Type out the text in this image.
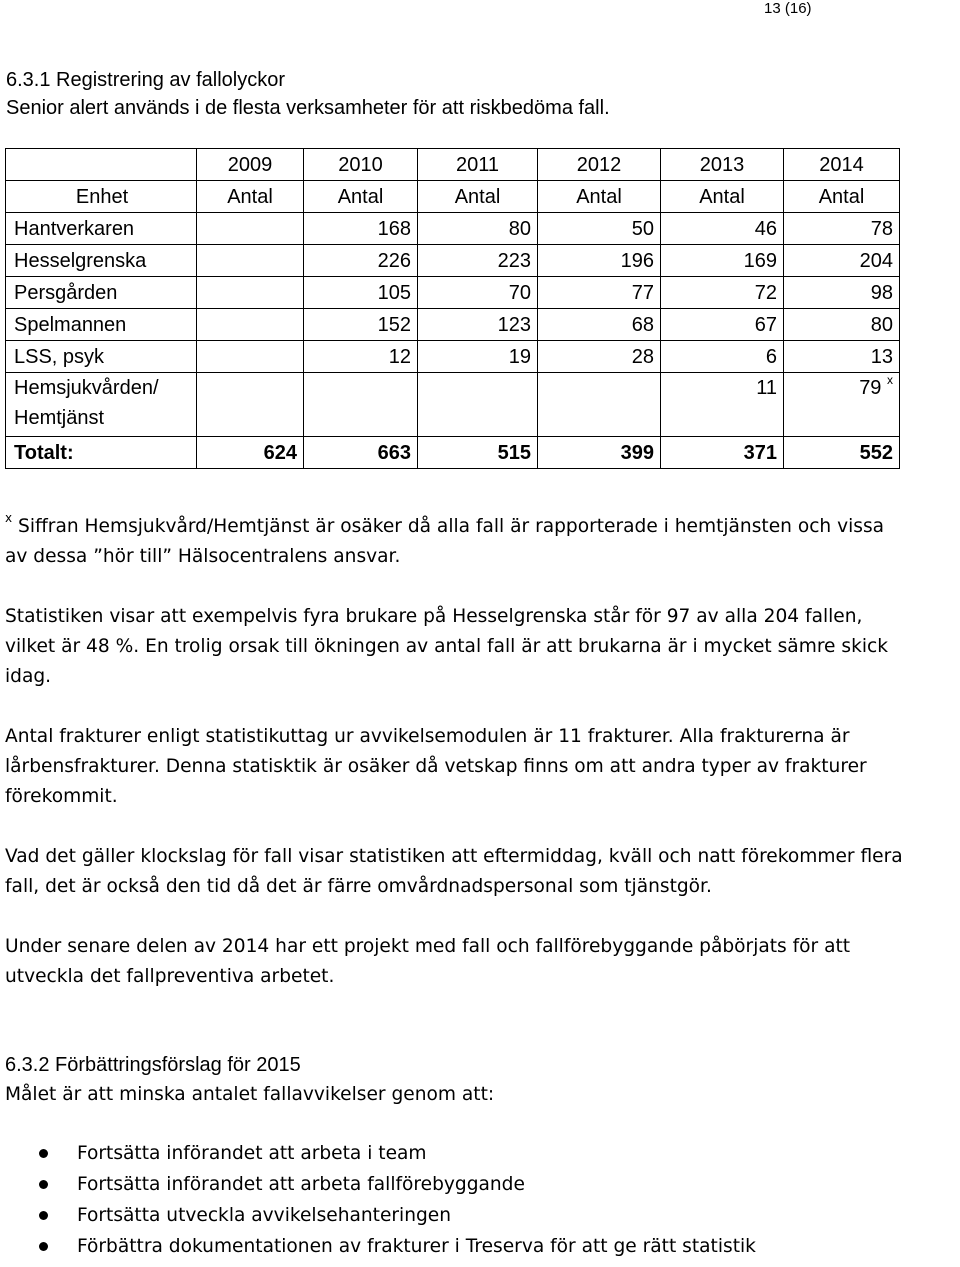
13 (16)
6.3.1 Registrering av fallolyckor
Senior alert används i de flesta verksamheter för att riskbedöma fall.
	2009	2010	2011	2012	2013	2014
Enhet	Antal	Antal	Antal	Antal	Antal	Antal
Hantverkaren		168	80	50	46	78
Hesselgrenska		226	223	196	169	204
Persgården		105	70	77	72	98
Spelmannen		152	123	68	67	80
LSS, psyk		12	19	28	6	13

Hemsjukvården/
Hemtjänst					11	79 $^x$
Totalt:	624	663	515	399	371	552

$^x$ Siffran Hemsjukvård/Hemtjänst är osäker då alla fall är rapporterade i hemtjänsten och vissa
av dessa ”hör till” Hälsocentralens ansvar.

Statistiken visar att exempelvis fyra brukare på Hesselgrenska står för 97 av alla 204 fallen,
vilket är 48 %. En trolig orsak till ökningen av antal fall är att brukarna är i mycket sämre skick
idag.

Antal frakturer enligt statistikuttag ur avvikelsemodulen är 11 frakturer. Alla frakturerna är
lårbensfrakturer. Denna statisktik är osäker då vetskap finns om att andra typer av frakturer
förekommit.

Vad det gäller klockslag för fall visar statistiken att eftermiddag, kväll och natt förekommer flera
fall, det är också den tid då det är färre omvårdnadspersonal som tjänstgör.

Under senare delen av 2014 har ett projekt med fall och fallförebyggande påbörjats för att
utveckla det fallpreventiva arbetet.

6.3.2 Förbättringsförslag för 2015

Målet är att minska antalet fallavvikelser genom att:

Fortsätta införandet att arbeta i team
Fortsätta införandet att arbeta fallförebyggande
Fortsätta utveckla avvikelsehanteringen
Förbättra dokumentationen av frakturer i Treserva för att ge rätt statistik
